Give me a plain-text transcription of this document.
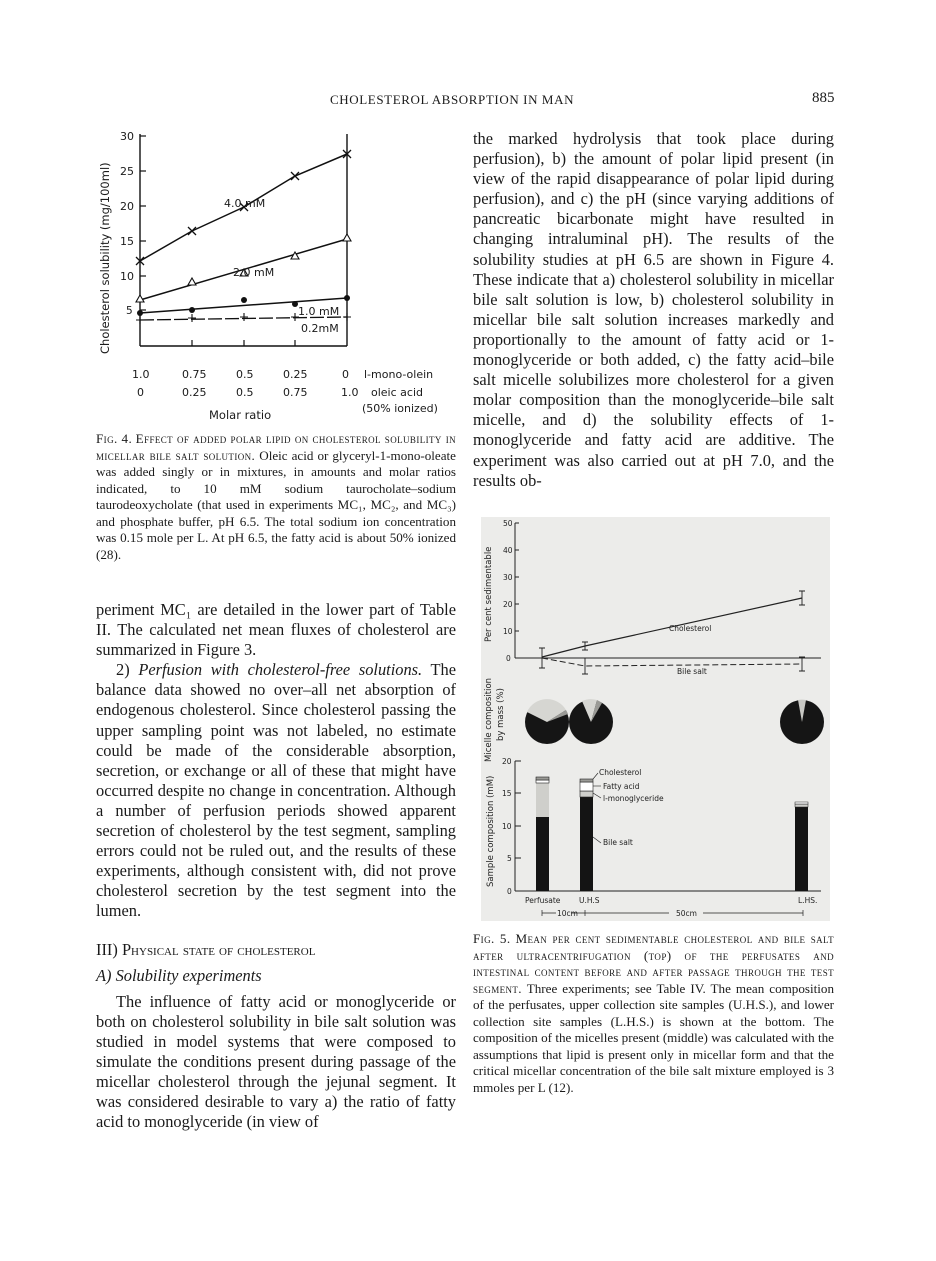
CHOLESTEROL ABSORPTION IN MAN	885
Cholesterol solubility (mg/100ml) 5
10
15
20
25
30
4.0 mM
2.0 mM
1.0 mM
0.2mM
1.0	0.75	0.5	0.25	0 l-mono-olein
0	0.25	0.5	0.75	1.0 oleic acid
(50% ionized)
Molar ratio
Fig. 4. Effect of added polar lipid on cholesterol solubility in micellar bile salt solution. Oleic acid or glyceryl-1-mono-oleate was added singly or in mixtures, in amounts and molar ratios indicated, to 10 mM sodium taurocholate–sodium taurodeoxycholate (that used in experiments MC₁, MC₂, and MC₃) and phosphate buffer, pH 6.5. The total sodium ion concentration was 0.15 mole per L. At pH 6.5, the fatty acid is about 50% ionized (28).

periment MC₁ are detailed in the lower part of Table II. The calculated net mean fluxes of cholesterol are summarized in Figure 3.

2) Perfusion with cholesterol-free solutions. The balance data showed no over–all net absorption of endogenous cholesterol. Since cholesterol passing the upper sampling point was not labeled, no estimate could be made of the considerable absorption, secretion, or exchange or all of these that might have occurred despite no change in concentration. Although a number of perfusion periods showed apparent secretion of cholesterol by the test segment, sampling errors could not be ruled out, and the results of these experiments, although consistent with, did not prove cholesterol secretion by the test segment into the lumen.

III) Physical state of cholesterol

A) Solubility experiments

The influence of fatty acid or monoglyceride or both on cholesterol solubility in bile salt solution was studied in model systems that were composed to simulate the conditions present during passage of the micellar cholesterol through the jejunal segment. It was considered desirable to vary a) the ratio of fatty acid to monoglyceride (in view of

the marked hydrolysis that took place during perfusion), b) the amount of polar lipid present (in view of the rapid disappearance of polar lipid during perfusion), and c) the pH (since varying additions of pancreatic bicarbonate might have resulted in changing intraluminal pH). The results of the solubility studies at pH 6.5 are shown in Figure 4. These indicate that a) cholesterol solubility in micellar bile salt solution is low, b) cholesterol solubility in micellar bile salt solution increases markedly and proportionally to the amount of fatty acid or 1-monoglyceride or both added, c) the fatty acid–bile salt micelle solubilizes more cholesterol for a given molar composition than the monoglyceride–bile salt micelle, and d) the solubility effects of 1-monoglyceride and fatty acid are additive. The experiment was also carried out at pH 7.0, and the results ob-

Per cent sedimentable
50
40
30
20
10
0
Cholesterol
Bile salt
Micelle composition by mass (%)
Sample composition (mM)
20
15
10
5
0
Cholesterol
Fatty acid
l-monoglyceride
Bile salt
Perfusate U.H.S	L.HS.
10cm	50cm
Fig. 5. Mean per cent sedimentable cholesterol and bile salt after ultracentrifugation (top) of the perfusates and intestinal content before and after passage through the test segment. Three experiments; see Table IV. The mean composition of the perfusates, upper collection site samples (U.H.S.), and lower collection site samples (L.H.S.) is shown at the bottom. The composition of the micelles present (middle) was calculated with the assumptions that lipid is present only in micellar form and that the critical micellar concentration of the bile salt mixture employed is 3 mmoles per L (12).
